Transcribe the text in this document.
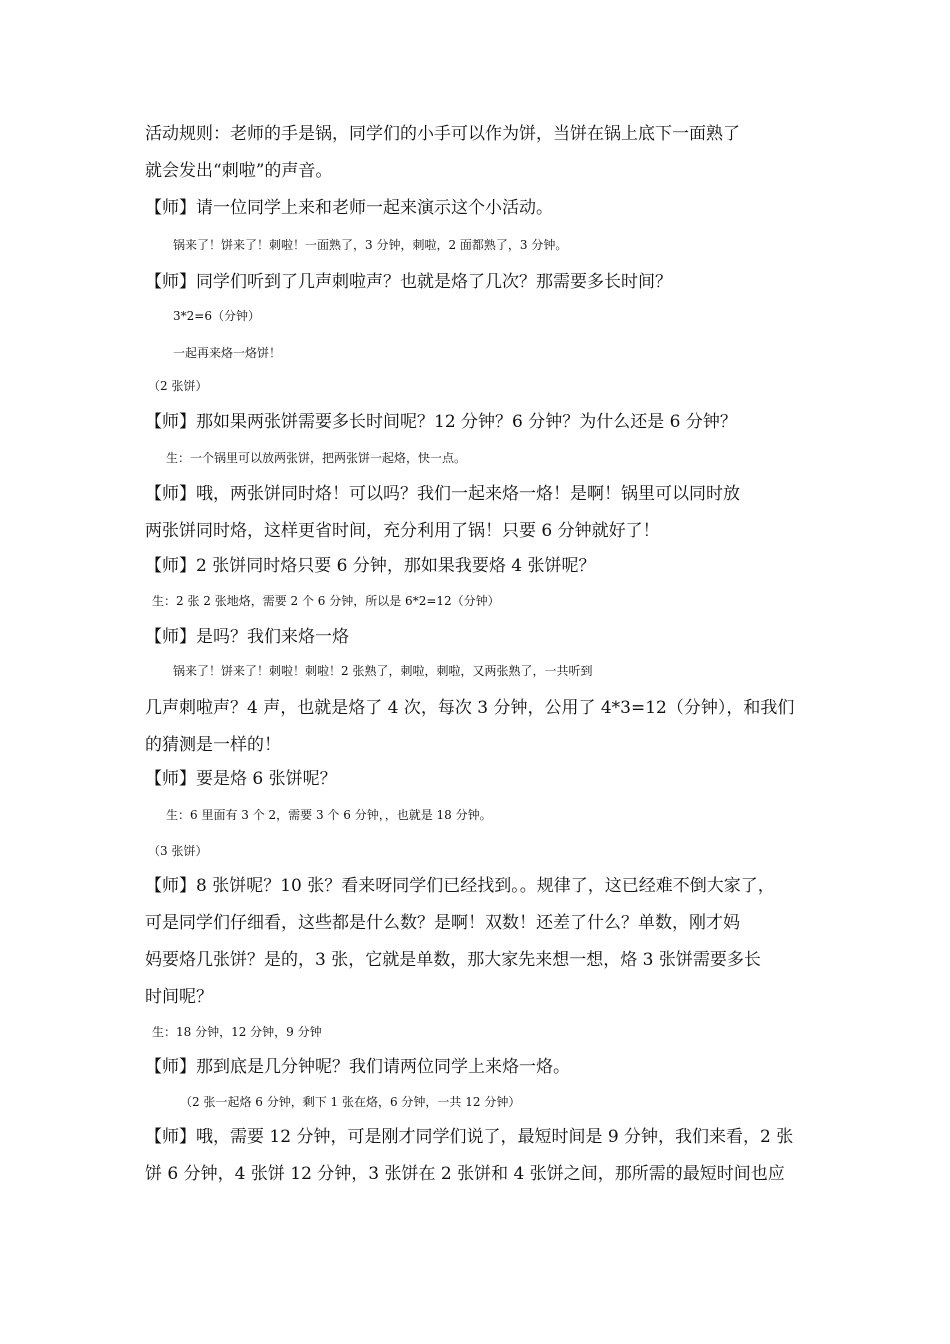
活动规则：老师的手是锅，同学们的小手可以作为饼，当饼在锅上底下一面熟了
就会发出“刺啦”的声音。
【师】请一位同学上来和老师一起来演示这个小活动。
锅来了！饼来了！刺啦！一面熟了，3 分钟，刺啦，2 面都熟了，3 分钟。
【师】同学们听到了几声刺啦声？也就是烙了几次？那需要多长时间？
3*2=6（分钟）
一起再来烙一烙饼！
（2 张饼）
【师】那如果两张饼需要多长时间呢？12 分钟？6 分钟？为什么还是 6 分钟？
生：一个锅里可以放两张饼，把两张饼一起烙，快一点。
【师】哦，两张饼同时烙！可以吗？我们一起来烙一烙！是啊！锅里可以同时放
两张饼同时烙，这样更省时间，充分利用了锅！只要 6 分钟就好了！
【师】2 张饼同时烙只要 6 分钟，那如果我要烙 4 张饼呢？
生：2 张 2 张地烙，需要 2 个 6 分钟，所以是 6*2=12（分钟）
【师】是吗？我们来烙一烙
锅来了！饼来了！刺啦！刺啦！2 张熟了，刺啦，刺啦，又两张熟了，一共听到
几声刺啦声？4 声，也就是烙了 4 次，每次 3 分钟，公用了 4*3=12（分钟），和我们
的猜测是一样的！
【师】要是烙 6 张饼呢？
生：6 里面有 3 个 2，需要 3 个 6 分钟，，也就是 18 分钟。
（3 张饼）
【师】8 张饼呢？10 张？看来呀同学们已经找到。。规律了，这已经难不倒大家了，
可是同学们仔细看，这些都是什么数？是啊！双数！还差了什么？单数，刚才妈
妈要烙几张饼？是的，3 张，它就是单数，那大家先来想一想，烙 3 张饼需要多长
时间呢？
生：18 分钟，12 分钟，9 分钟
【师】那到底是几分钟呢？我们请两位同学上来烙一烙。
（2 张一起烙 6 分钟，剩下 1 张在烙，6 分钟，一共 12 分钟）
【师】哦，需要 12 分钟，可是刚才同学们说了，最短时间是 9 分钟，我们来看，2 张
饼 6 分钟，4 张饼 12 分钟，3 张饼在 2 张饼和 4 张饼之间，那所需的最短时间也应
